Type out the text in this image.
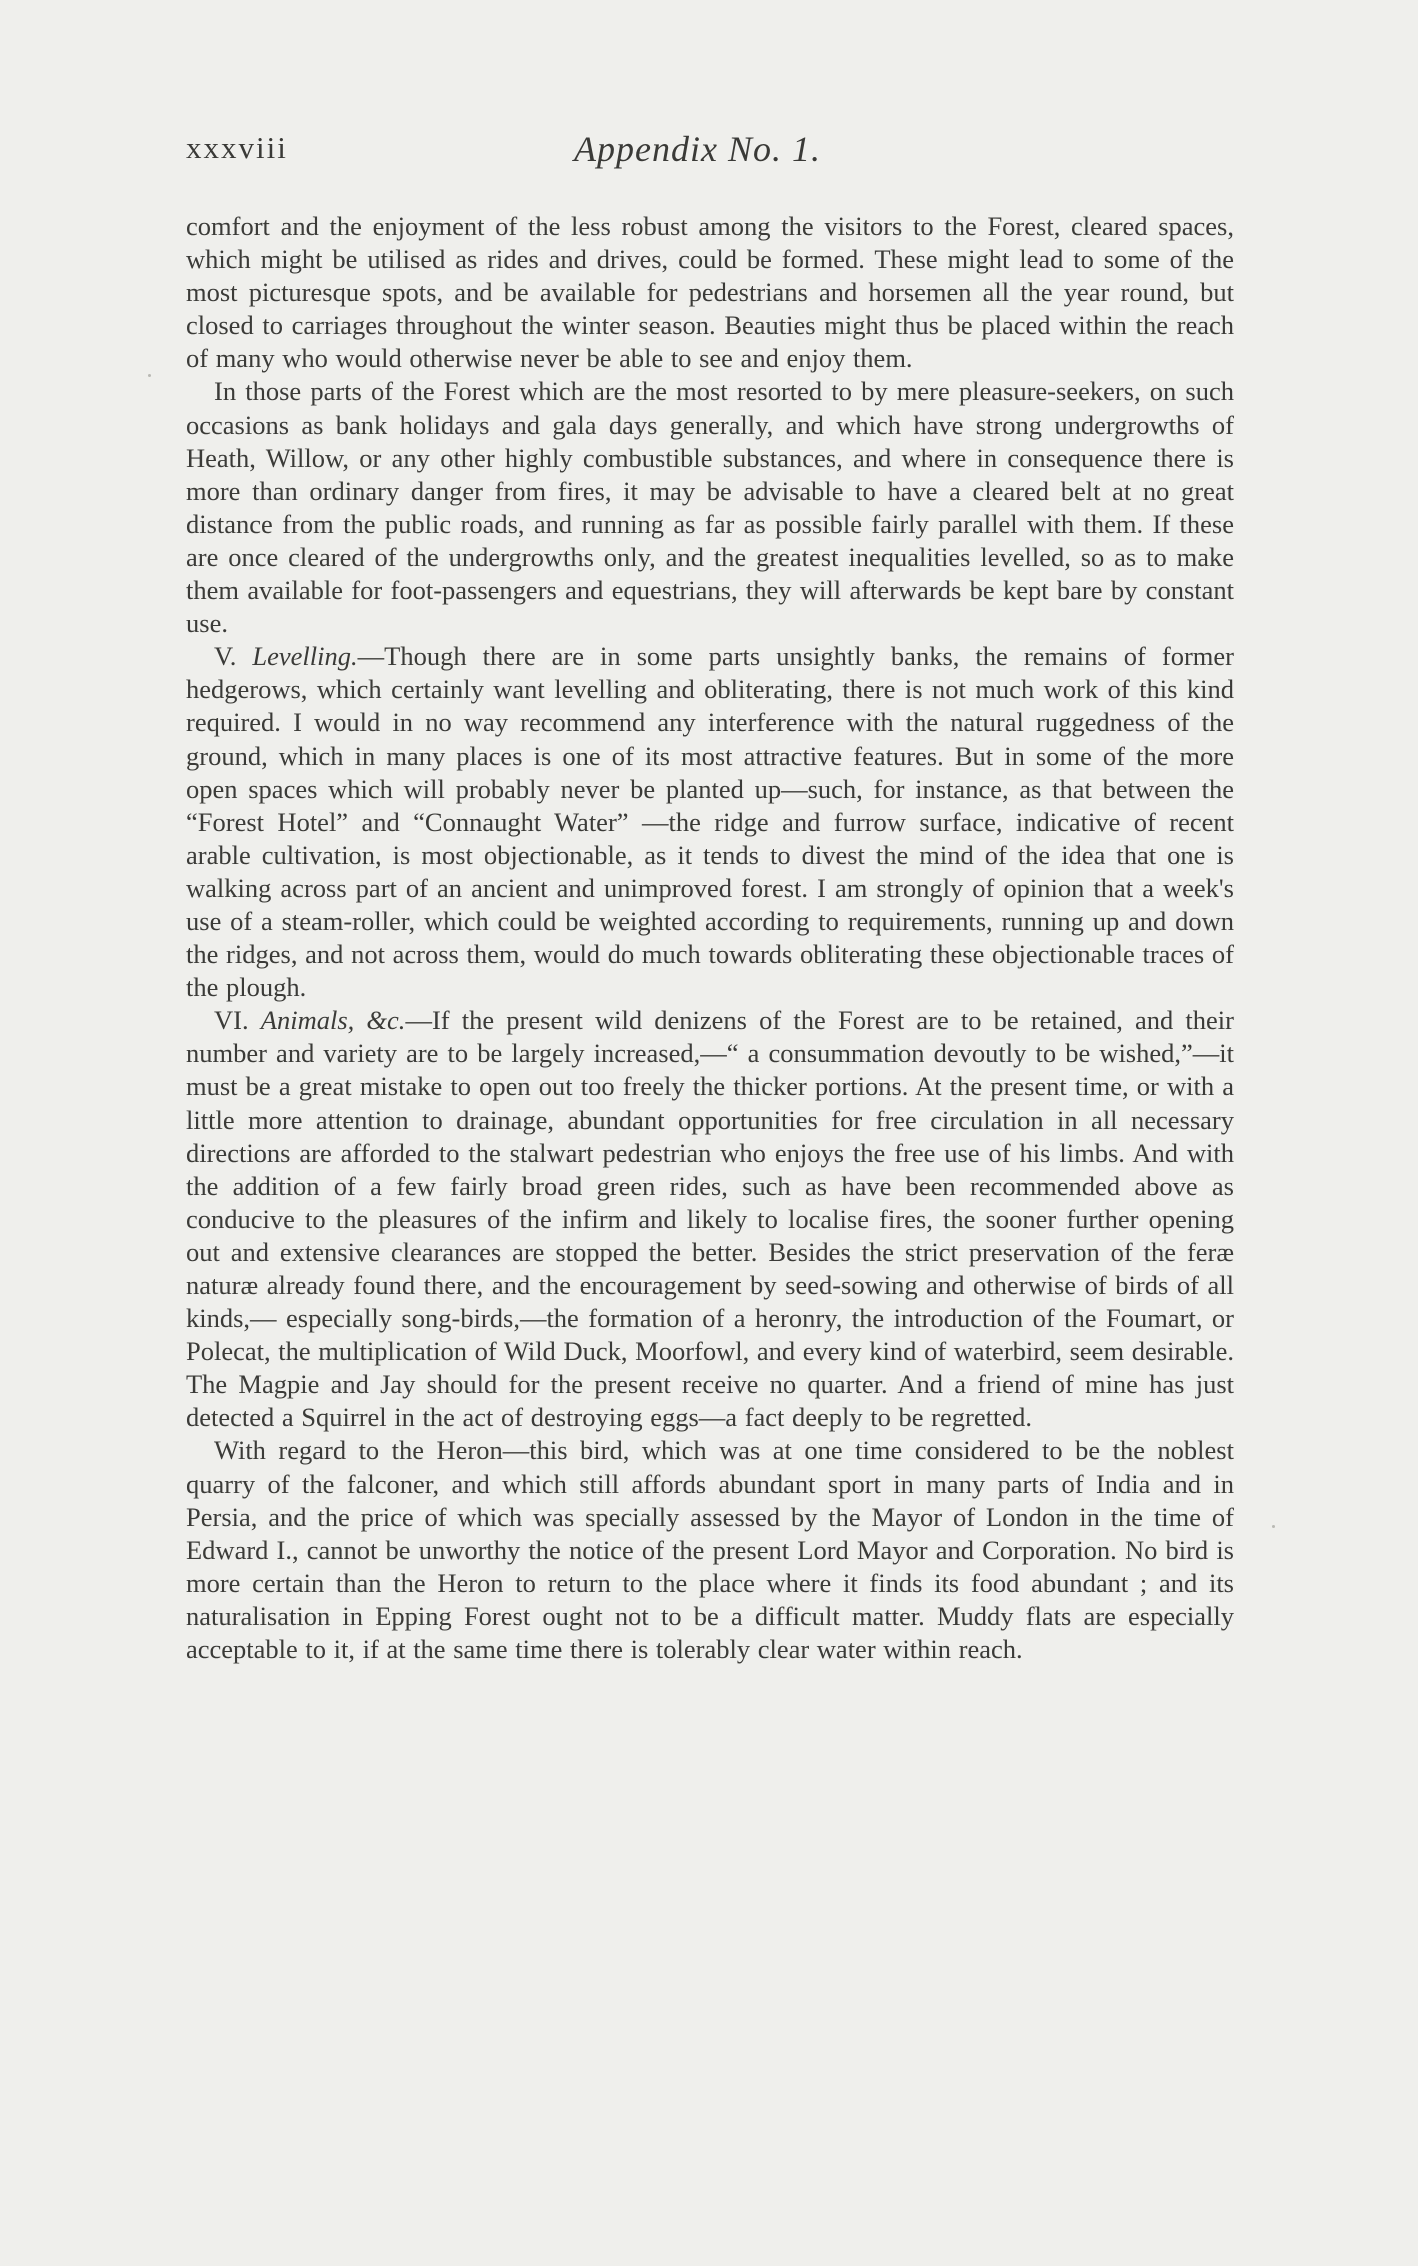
xxxviii	Appendix No. 1.

comfort and the enjoyment of the less robust among the visitors to the Forest, cleared spaces, which might be utilised as rides and drives, could be formed. These might lead to some of the most picturesque spots, and be available for pedestrians and horsemen all the year round, but closed to carriages throughout the winter season. Beauties might thus be placed within the reach of many who would otherwise never be able to see and enjoy them.

In those parts of the Forest which are the most resorted to by mere pleasure-seekers, on such occasions as bank holidays and gala days generally, and which have strong undergrowths of Heath, Willow, or any other highly combustible substances, and where in consequence there is more than ordinary danger from fires, it may be advisable to have a cleared belt at no great distance from the public roads, and running as far as possible fairly parallel with them. If these are once cleared of the undergrowths only, and the greatest inequalities levelled, so as to make them available for foot-passengers and equestrians, they will afterwards be kept bare by constant use.

V. Levelling.—Though there are in some parts unsightly banks, the remains of former hedgerows, which certainly want levelling and obliterating, there is not much work of this kind required. I would in no way recommend any interference with the natural ruggedness of the ground, which in many places is one of its most attractive features. But in some of the more open spaces which will probably never be planted up—such, for instance, as that between the “Forest Hotel” and “Connaught Water” —the ridge and furrow surface, indicative of recent arable cultivation, is most objectionable, as it tends to divest the mind of the idea that one is walking across part of an ancient and unimproved forest. I am strongly of opinion that a week's use of a steam-roller, which could be weighted according to requirements, running up and down the ridges, and not across them, would do much towards obliterating these objectionable traces of the plough.

VI. Animals, &c.—If the present wild denizens of the Forest are to be retained, and their number and variety are to be largely increased,—“ a consummation devoutly to be wished,”—it must be a great mistake to open out too freely the thicker portions. At the present time, or with a little more attention to drainage, abundant opportunities for free circulation in all necessary directions are afforded to the stalwart pedestrian who enjoys the free use of his limbs. And with the addition of a few fairly broad green rides, such as have been recommended above as conducive to the pleasures of the infirm and likely to localise fires, the sooner further opening out and extensive clearances are stopped the better. Besides the strict preservation of the feræ naturæ already found there, and the encouragement by seed-sowing and otherwise of birds of all kinds,— especially song-birds,—the formation of a heronry, the introduction of the Foumart, or Polecat, the multiplication of Wild Duck, Moorfowl, and every kind of waterbird, seem desirable. The Magpie and Jay should for the present receive no quarter. And a friend of mine has just detected a Squirrel in the act of destroying eggs—a fact deeply to be regretted.

With regard to the Heron—this bird, which was at one time considered to be the noblest quarry of the falconer, and which still affords abundant sport in many parts of India and in Persia, and the price of which was specially assessed by the Mayor of London in the time of Edward I., cannot be unworthy the notice of the present Lord Mayor and Corporation. No bird is more certain than the Heron to return to the place where it finds its food abundant ; and its naturalisation in Epping Forest ought not to be a difficult matter. Muddy flats are especially acceptable to it, if at the same time there is tolerably clear water within reach.
